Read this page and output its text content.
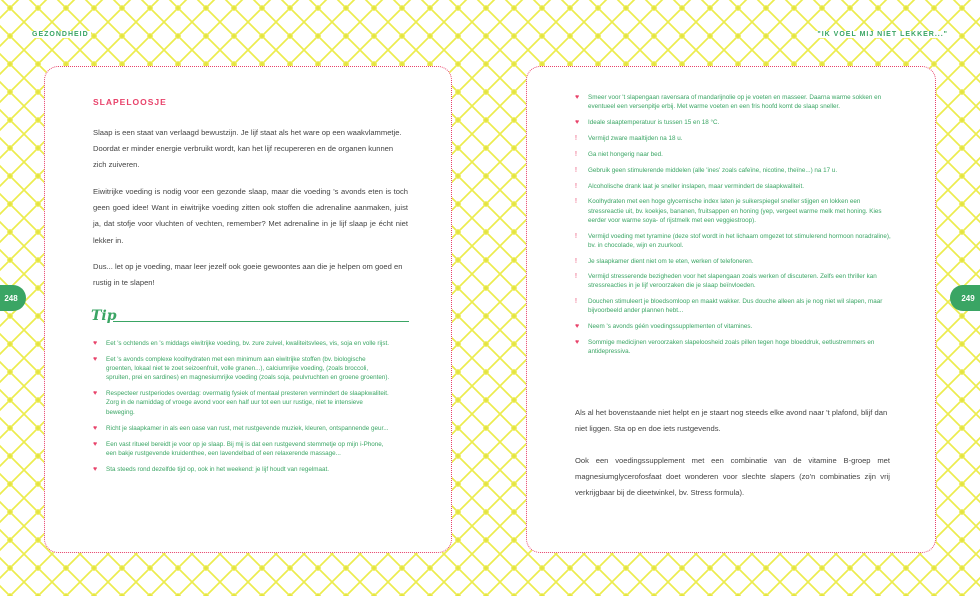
GEZONDHEID	"IK VOEL MIJ NIET LEKKER..."
248	249
SLAPELOOSJE

Slaap is een staat van verlaagd bewustzijn. Je lijf staat als het ware op een waakvlammetje. Doordat er minder energie verbruikt wordt, kan het lijf recupereren en de organen kunnen zich zuiveren.

Eiwitrijke voeding is nodig voor een gezonde slaap, maar die voeding 's avonds eten is toch geen goed idee! Want in eiwitrijke voeding zitten ook stoffen die adrenaline aanmaken, juist ja, dat stofje voor vluchten of vechten, remember? Met adrenaline in je lijf slaap je écht niet lekker in.

Dus... let op je voeding, maar leer jezelf ook goeie gewoontes aan die je helpen om goed en rustig in te slapen!

Tip
♥	Eet 's ochtends en 's middags eiwitrijke voeding, bv. zure zuivel, kwaliteitsvlees, vis, soja en volle rijst.
♥	Eet 's avonds complexe koolhydraten met een minimum aan eiwitrijke stoffen (bv. biologische groenten, lokaal niet te zoet seizoenfruit, volle granen...), calciumrijke voeding, (zoals broccoli, spruiten, prei en sardines) en magnesiumrijke voeding (zoals soja, peulvruchten en groene groenten).
♥	Respecteer rustperiodes overdag: overmatig fysiek of mentaal presteren vermindert de slaapkwaliteit. Zorg in de namiddag of vroege avond voor een half uur tot een uur rustige, niet te intensieve beweging.
♥	Richt je slaapkamer in als een oase van rust, met rustgevende muziek, kleuren, ontspannende geur...
♥	Een vast ritueel bereidt je voor op je slaap. Bij mij is dat een rustgevend stemmetje op mijn i-Phone, een bakje rustgevende kruidenthee, een lavendelbad of een relaxerende massage...
♥	Sta steeds rond dezelfde tijd op, ook in het weekend: je lijf houdt van regelmaat.
♥	Smeer voor 't slapengaan ravensara of mandarijnolie op je voeten en masseer. Daarna warme sokken en eventueel een versenpitje erbij. Met warme voeten en een fris hoofd komt de slaap sneller.
♥	Ideale slaaptemperatuur is tussen 15 en 18 °C.
!	Vermijd zware maaltijden na 18 u.
!	Ga niet hongerig naar bed.
!	Gebruik geen stimulerende middelen (alle 'ines' zoals cafeïne, nicotine, theïne...) na 17 u.
!	Alcoholische drank laat je sneller inslapen, maar vermindert de slaapkwaliteit.
!	Koolhydraten met een hoge glycemische index laten je suikerspiegel sneller stijgen en lokken een stressreactie uit, bv. koekjes, bananen, fruitsappen en honing (yep, vergeet warme melk met honing. Kies eerder voor warme soya- of rijstmelk met een veggiestroop).
!	Vermijd voeding met tyramine (deze stof wordt in het lichaam omgezet tot stimulerend hormoon noradraline), bv. in chocolade, wijn en zuurkool.
!	Je slaapkamer dient niet om te eten, werken of telefoneren.
!	Vermijd stresserende bezigheden voor het slapengaan zoals werken of discuteren. Zelfs een thriller kan stressreacties in je lijf veroorzaken die je slaap beïnvloeden.
!	Douchen stimuleert je bloedsomloop en maakt wakker. Dus douche alleen als je nog niet wil slapen, maar bijvoorbeeld ander plannen hebt...
♥	Neem 's avonds géén voedingssupplementen of vitamines.
♥	Sommige medicijnen veroorzaken slapeloosheid zoals pillen tegen hoge bloeddruk, eetlustremmers en antidepressiva.

Als al het bovenstaande niet helpt en je staart nog steeds elke avond naar 't plafond, blijf dan niet liggen. Sta op en doe iets rustgevends.

Ook een voedingssupplement met een combinatie van de vitamine B-groep met magnesiumglycerofosfaat doet wonderen voor slechte slapers (zo'n combinaties zijn vrij verkrijgbaar bij de dieetwinkel, bv. Stress formula).
